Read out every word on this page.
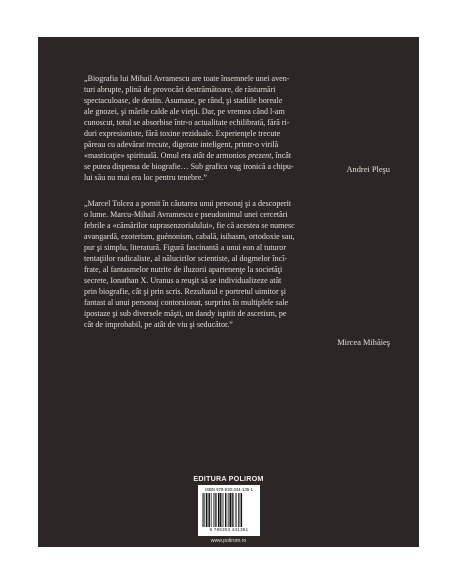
„Biografia lui Mihail Avramescu are toate însemnele unei aven-
turi abrupte, plină de provocări destrămătoare, de răsturnări
spectaculoase, de destin. Asumase, pe rând, şi stadiile boreale
ale gnozei, şi mările calde ale vieţii. Dar, pe vremea când l-am
cunoscut, totul se absorbise într-o actualitate echilibrată, fără ri-
duri expresioniste, fără toxine reziduale. Experienţele trecute
păreau cu adevărat trecute, digerate inteligent, printr-o virilă
«masticaţie» spirituală. Omul era atât de armonios prezent, încât
se putea dispensa de biografie… Sub grafica vag ironică a chipu-
lui său nu mai era loc pentru tenebre.”
Andrei Pleşu
„Marcel Tolcea a pornit în căutarea unui personaj şi a descoperit
o lume. Marcu-Mihail Avramescu e pseudonimul unei cercetări
febrile a «cămărilor suprasenzorialului», fie că acestea se numesc
avangardă, ezoterism, guénonism, cabală, isihasm, ortodoxie sau,
pur şi simplu, literatură. Figură fascinantă a unui eon al tuturor
tentaţiilor radicaliste, al nălucirilor scientiste, al dogmelor încî-
frate, al fantasmelor nutrite de iluzorii apartenenţe la societăţi
secrete, Ionathan X. Uranus a reuşit să se individualizeze atât
prin biografie, cât şi prin scris. Rezultatul e portretul uimitor şi
fantast al unui personaj contorsionat, surprins în multiplele sale
ipostaze şi sub diversele măşti, un dandy ispitit de ascetism, pe
cât de improbabil, pe atât de viu şi seducător.”
Mircea Mihăieş
EDITURA POLIROM
ISBN 978-630-344-135-1
9 786303 441351
www.polirom.ro
